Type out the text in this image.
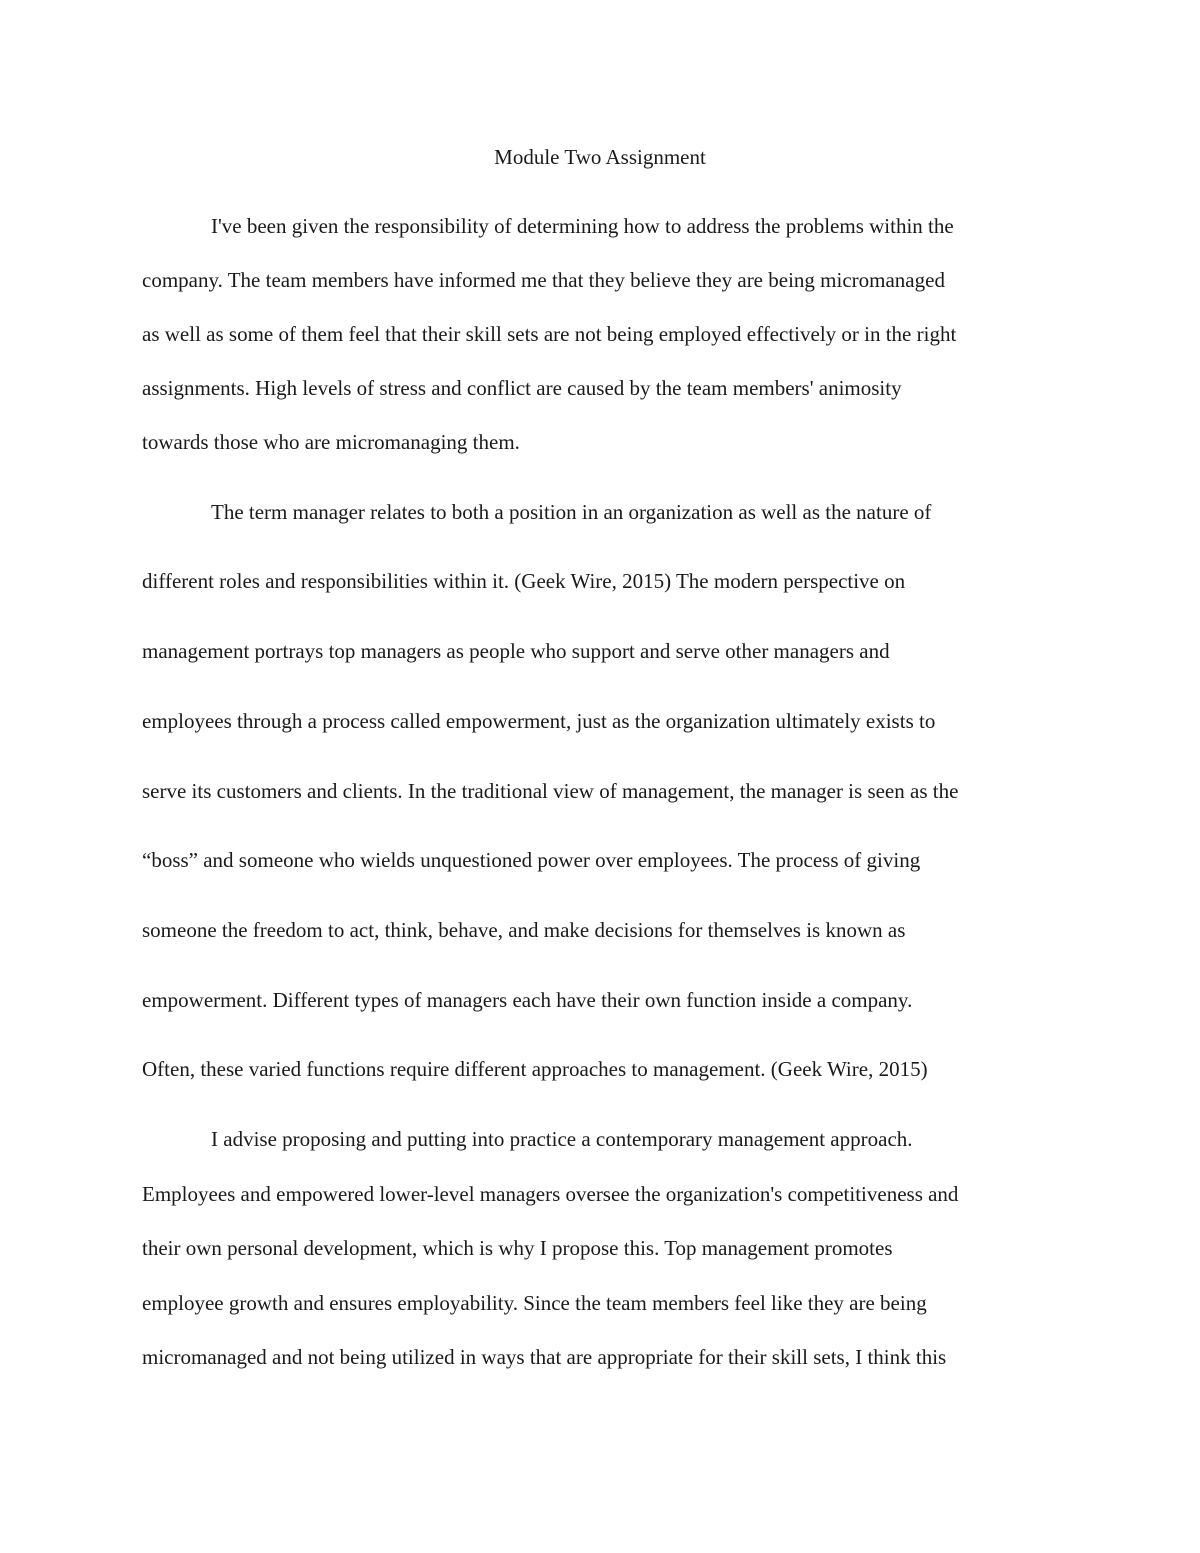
Module Two Assignment

I've been given the responsibility of determining how to address the problems within the

company. The team members have informed me that they believe they are being micromanaged

as well as some of them feel that their skill sets are not being employed effectively or in the right

assignments. High levels of stress and conflict are caused by the team members' animosity

towards those who are micromanaging them.

The term manager relates to both a position in an organization as well as the nature of

different roles and responsibilities within it. (Geek Wire, 2015) The modern perspective on

management portrays top managers as people who support and serve other managers and

employees through a process called empowerment, just as the organization ultimately exists to

serve its customers and clients. In the traditional view of management, the manager is seen as the

“boss” and someone who wields unquestioned power over employees. The process of giving

someone the freedom to act, think, behave, and make decisions for themselves is known as

empowerment. Different types of managers each have their own function inside a company.

Often, these varied functions require different approaches to management. (Geek Wire, 2015)

I advise proposing and putting into practice a contemporary management approach.

Employees and empowered lower-level managers oversee the organization's competitiveness and

their own personal development, which is why I propose this. Top management promotes

employee growth and ensures employability. Since the team members feel like they are being

micromanaged and not being utilized in ways that are appropriate for their skill sets, I think this
